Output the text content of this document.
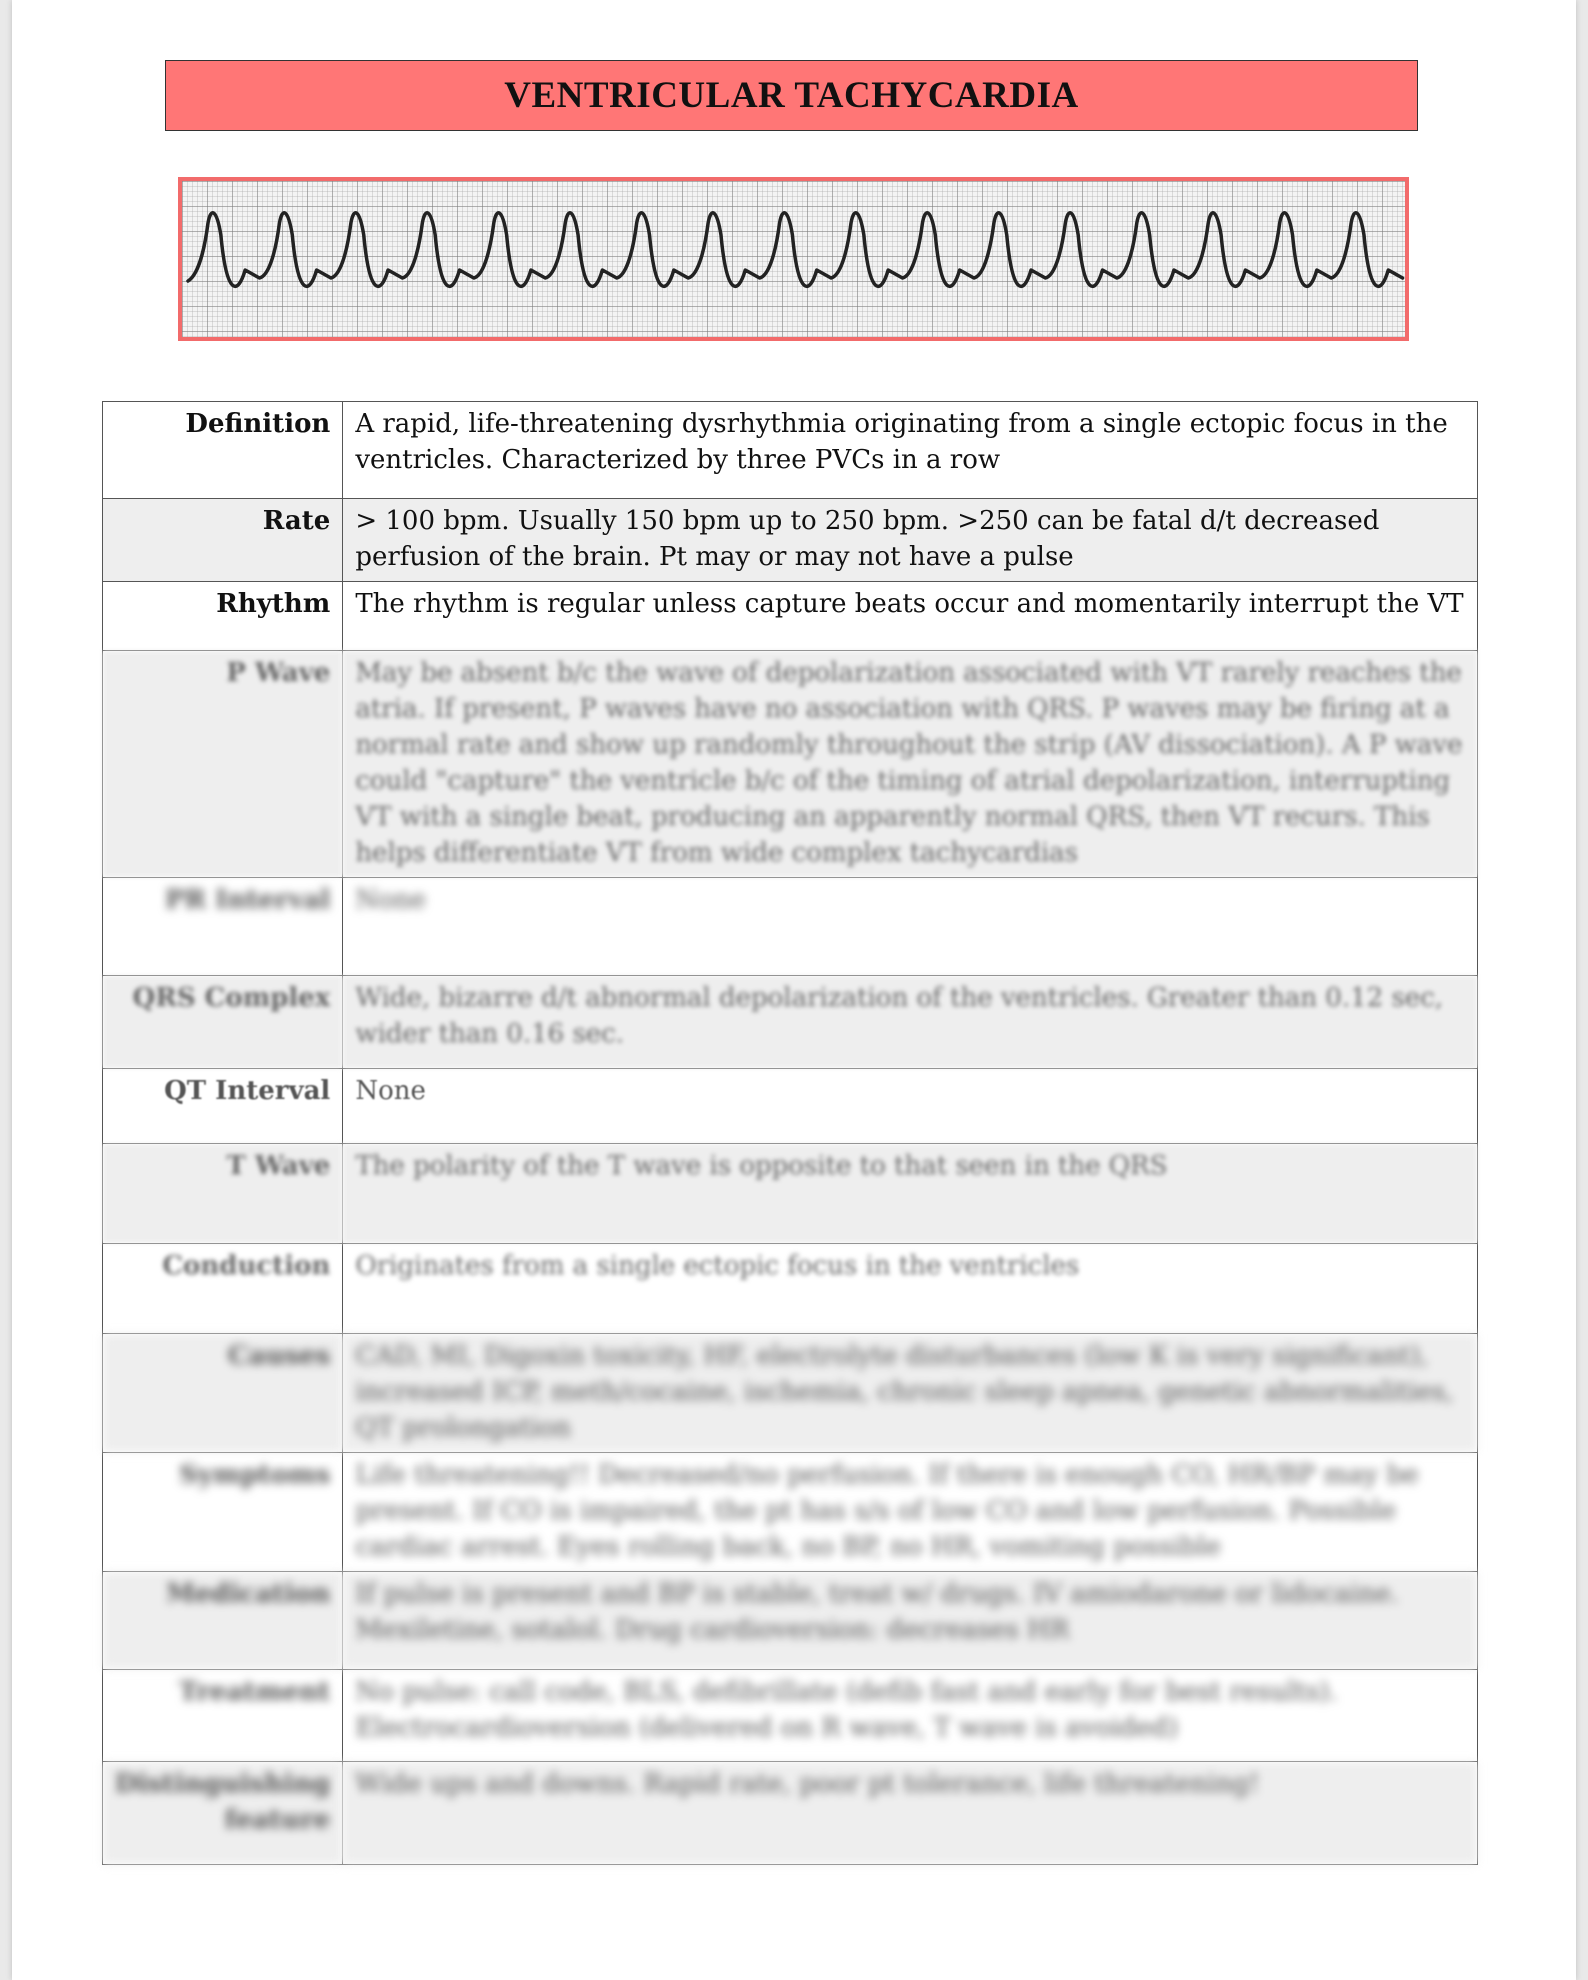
VENTRICULAR TACHYCARDIA
Definition	A rapid, life-threatening dysrhythmia originating from a single ectopic focus in the ventricles. Characterized by three PVCs in a row
Rate	> 100 bpm. Usually 150 bpm up to 250 bpm. >250 can be fatal d/t decreased perfusion of the brain. Pt may or may not have a pulse
Rhythm	The rhythm is regular unless capture beats occur and momentarily interrupt the VT
P Wave	May be absent b/c the wave of depolarization associated with VT rarely reaches the atria. If present, P waves have no association with QRS. P waves may be firing at a normal rate and show up randomly throughout the strip (AV dissociation). A P wave could "capture" the ventricle b/c of the timing of atrial depolarization, interrupting VT with a single beat, producing an apparently normal QRS, then VT recurs. This helps differentiate VT from wide complex tachycardias
PR Interval	None
QRS Complex	Wide, bizarre d/t abnormal depolarization of the ventricles. Greater than 0.12 sec, wider than 0.16 sec.
QT Interval	None
T Wave	The polarity of the T wave is opposite to that seen in the QRS
Conduction	Originates from a single ectopic focus in the ventricles
Causes	CAD, MI, Digoxin toxicity, HF, electrolyte disturbances (low K is very significant), increased ICP, meth/cocaine, ischemia, chronic sleep apnea, genetic abnormalities, QT prolongation
Symptoms	Life threatening!! Decreased/no perfusion. If there is enough CO, HR/BP may be present. If CO is impaired, the pt has s/s of low CO and low perfusion. Possible cardiac arrest. Eyes rolling back, no BP, no HR, vomiting possible
Medication	If pulse is present and BP is stable, treat w/ drugs. IV amiodarone or lidocaine. Mexiletine, sotalol. Drug cardioversion: decreases HR
Treatment	No pulse: call code, BLS, defibrillate (defib fast and early for best results). Electrocardioversion (delivered on R wave, T wave is avoided)
Distinguishing feature	Wide ups and downs. Rapid rate, poor pt tolerance, life threatening!
